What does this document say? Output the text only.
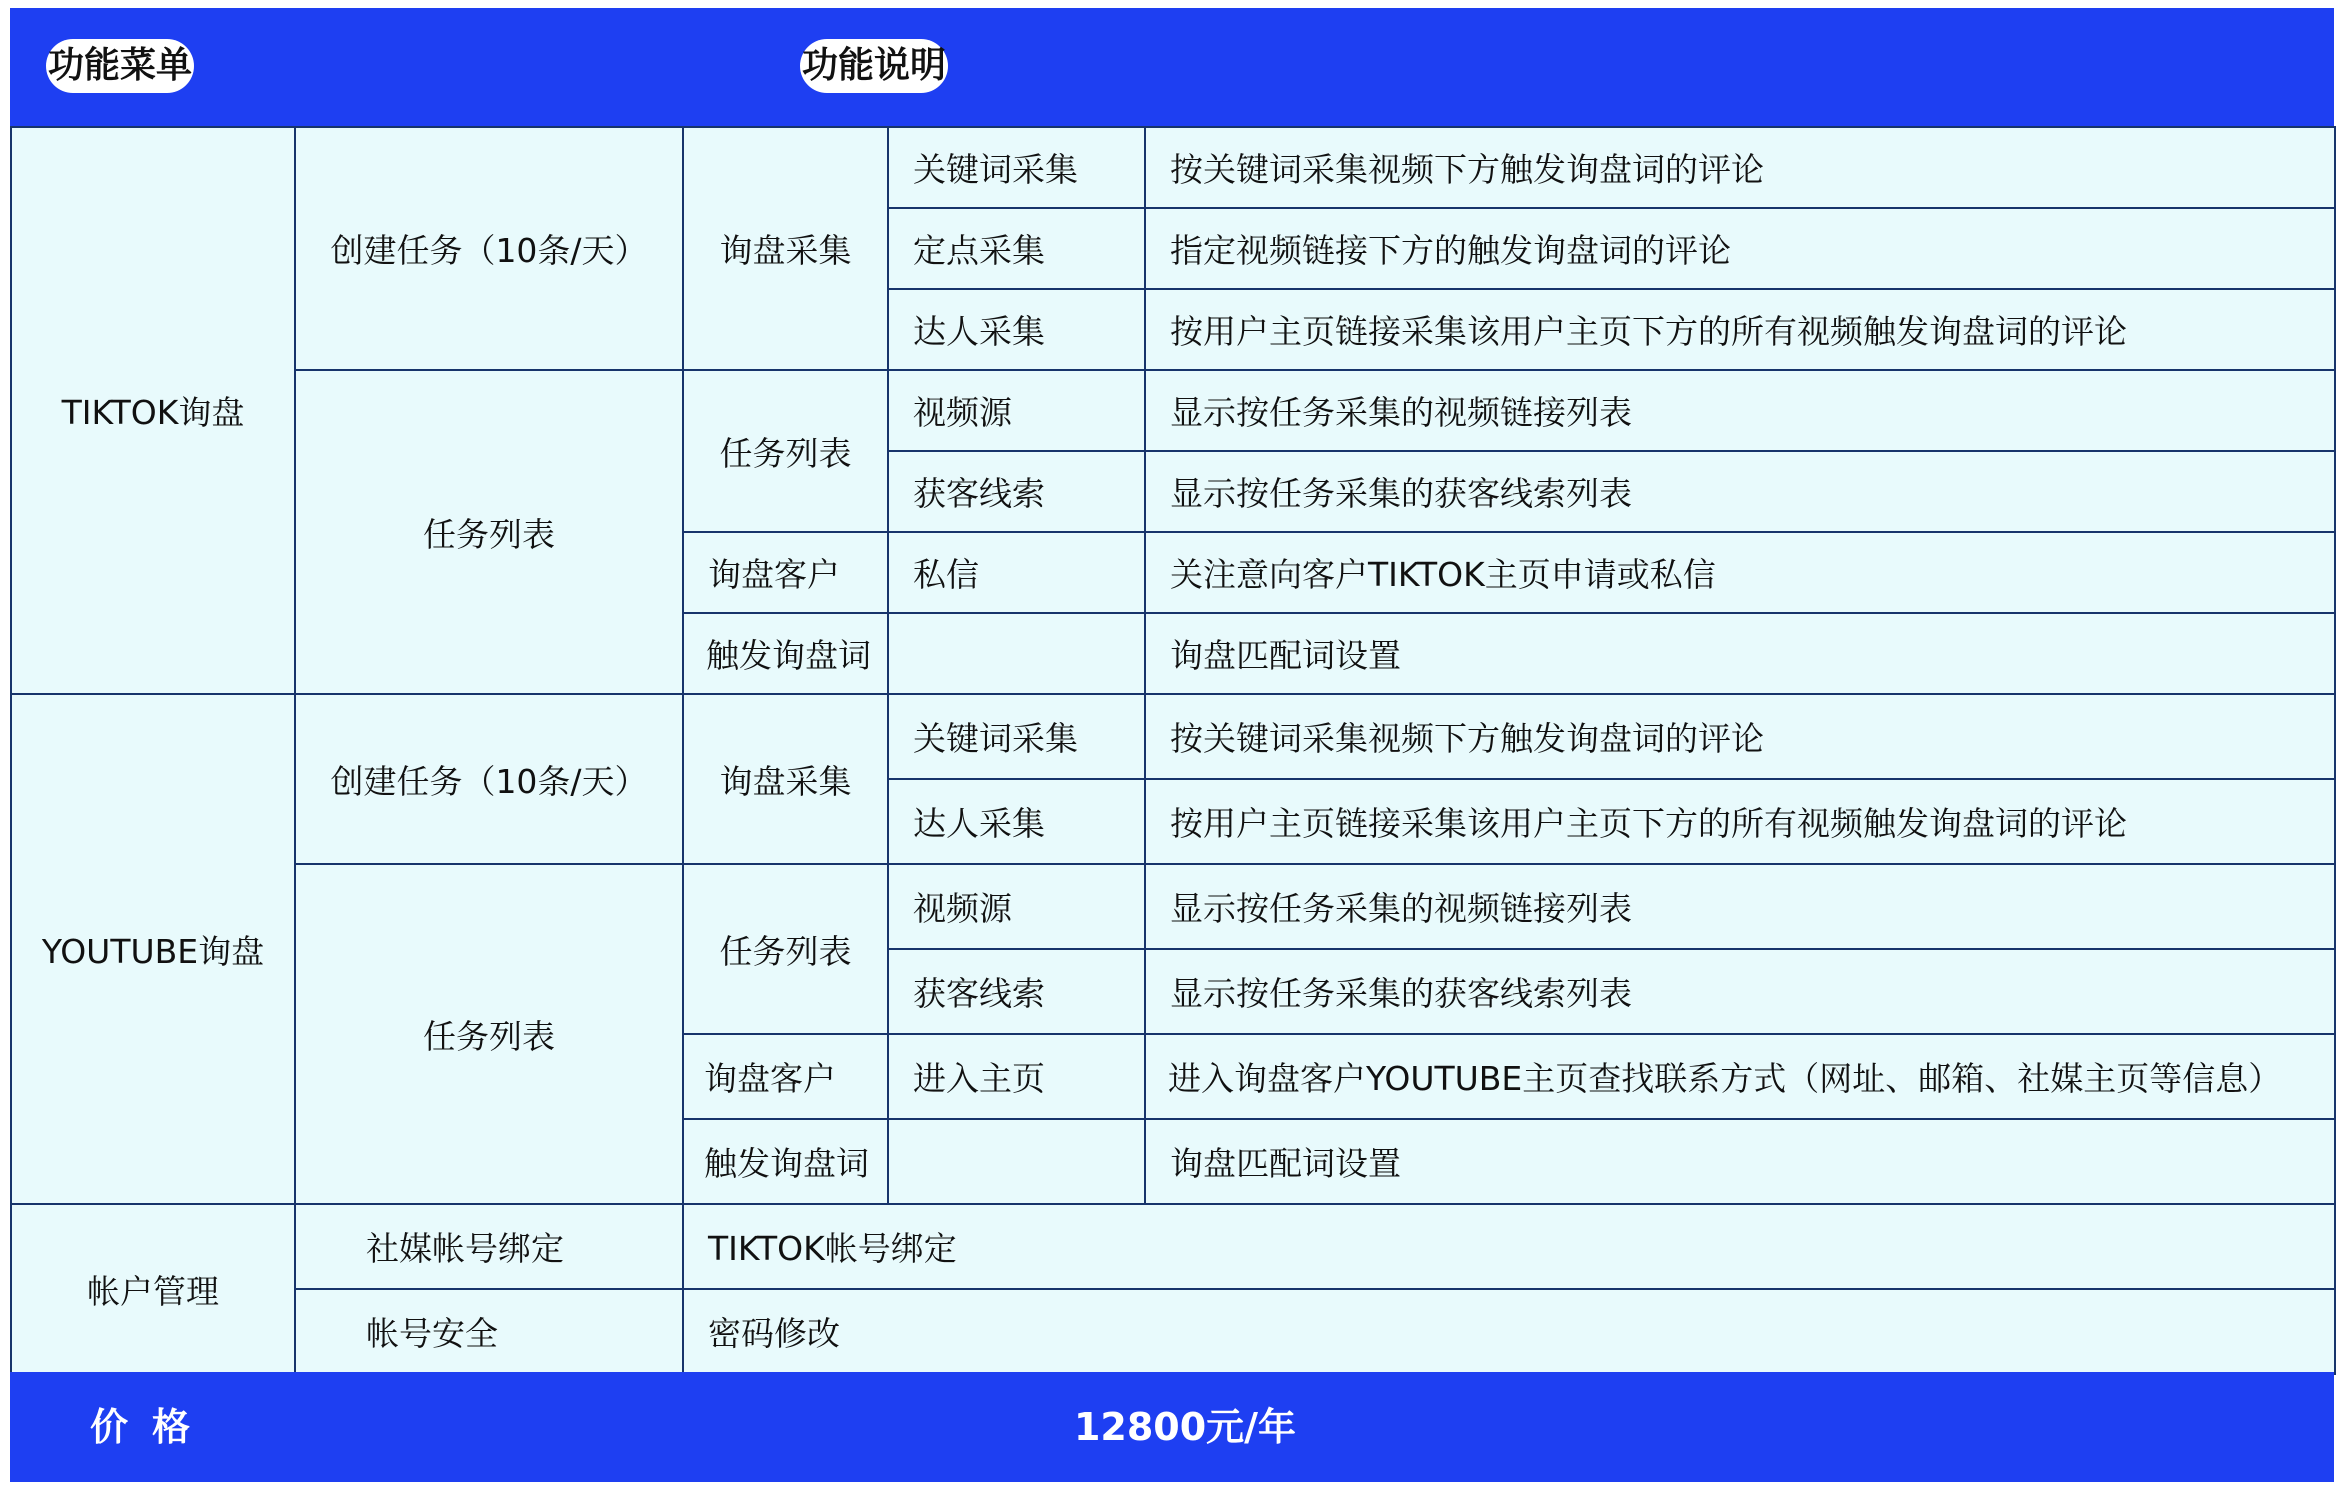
功能菜单	功能说明
TIKTOK询盘	创建任务（10条/天）	询盘采集	关键词采集	按关键词采集视频下方触发询盘词的评论
			定点采集	指定视频链接下方的触发询盘词的评论
			达人采集	按用户主页链接采集该用户主页下方的所有视频触发询盘词的评论
	任务列表	任务列表	视频源	显示按任务采集的视频链接列表
			获客线索	显示按任务采集的获客线索列表
		询盘客户	私信	关注意向客户TIKTOK主页申请或私信
		触发询盘词		询盘匹配词设置
YOUTUBE询盘	创建任务（10条/天）	询盘采集	关键词采集	按关键词采集视频下方触发询盘词的评论
			达人采集	按用户主页链接采集该用户主页下方的所有视频触发询盘词的评论
	任务列表	任务列表	视频源	显示按任务采集的视频链接列表
			获客线索	显示按任务采集的获客线索列表
		询盘客户	进入主页	进入询盘客户YOUTUBE主页查找联系方式（网址、邮箱、社媒主页等信息）
		触发询盘词		询盘匹配词设置
帐户管理	社媒帐号绑定	TIKTOK帐号绑定		
	帐号安全	密码修改		
价格	12800元/年
